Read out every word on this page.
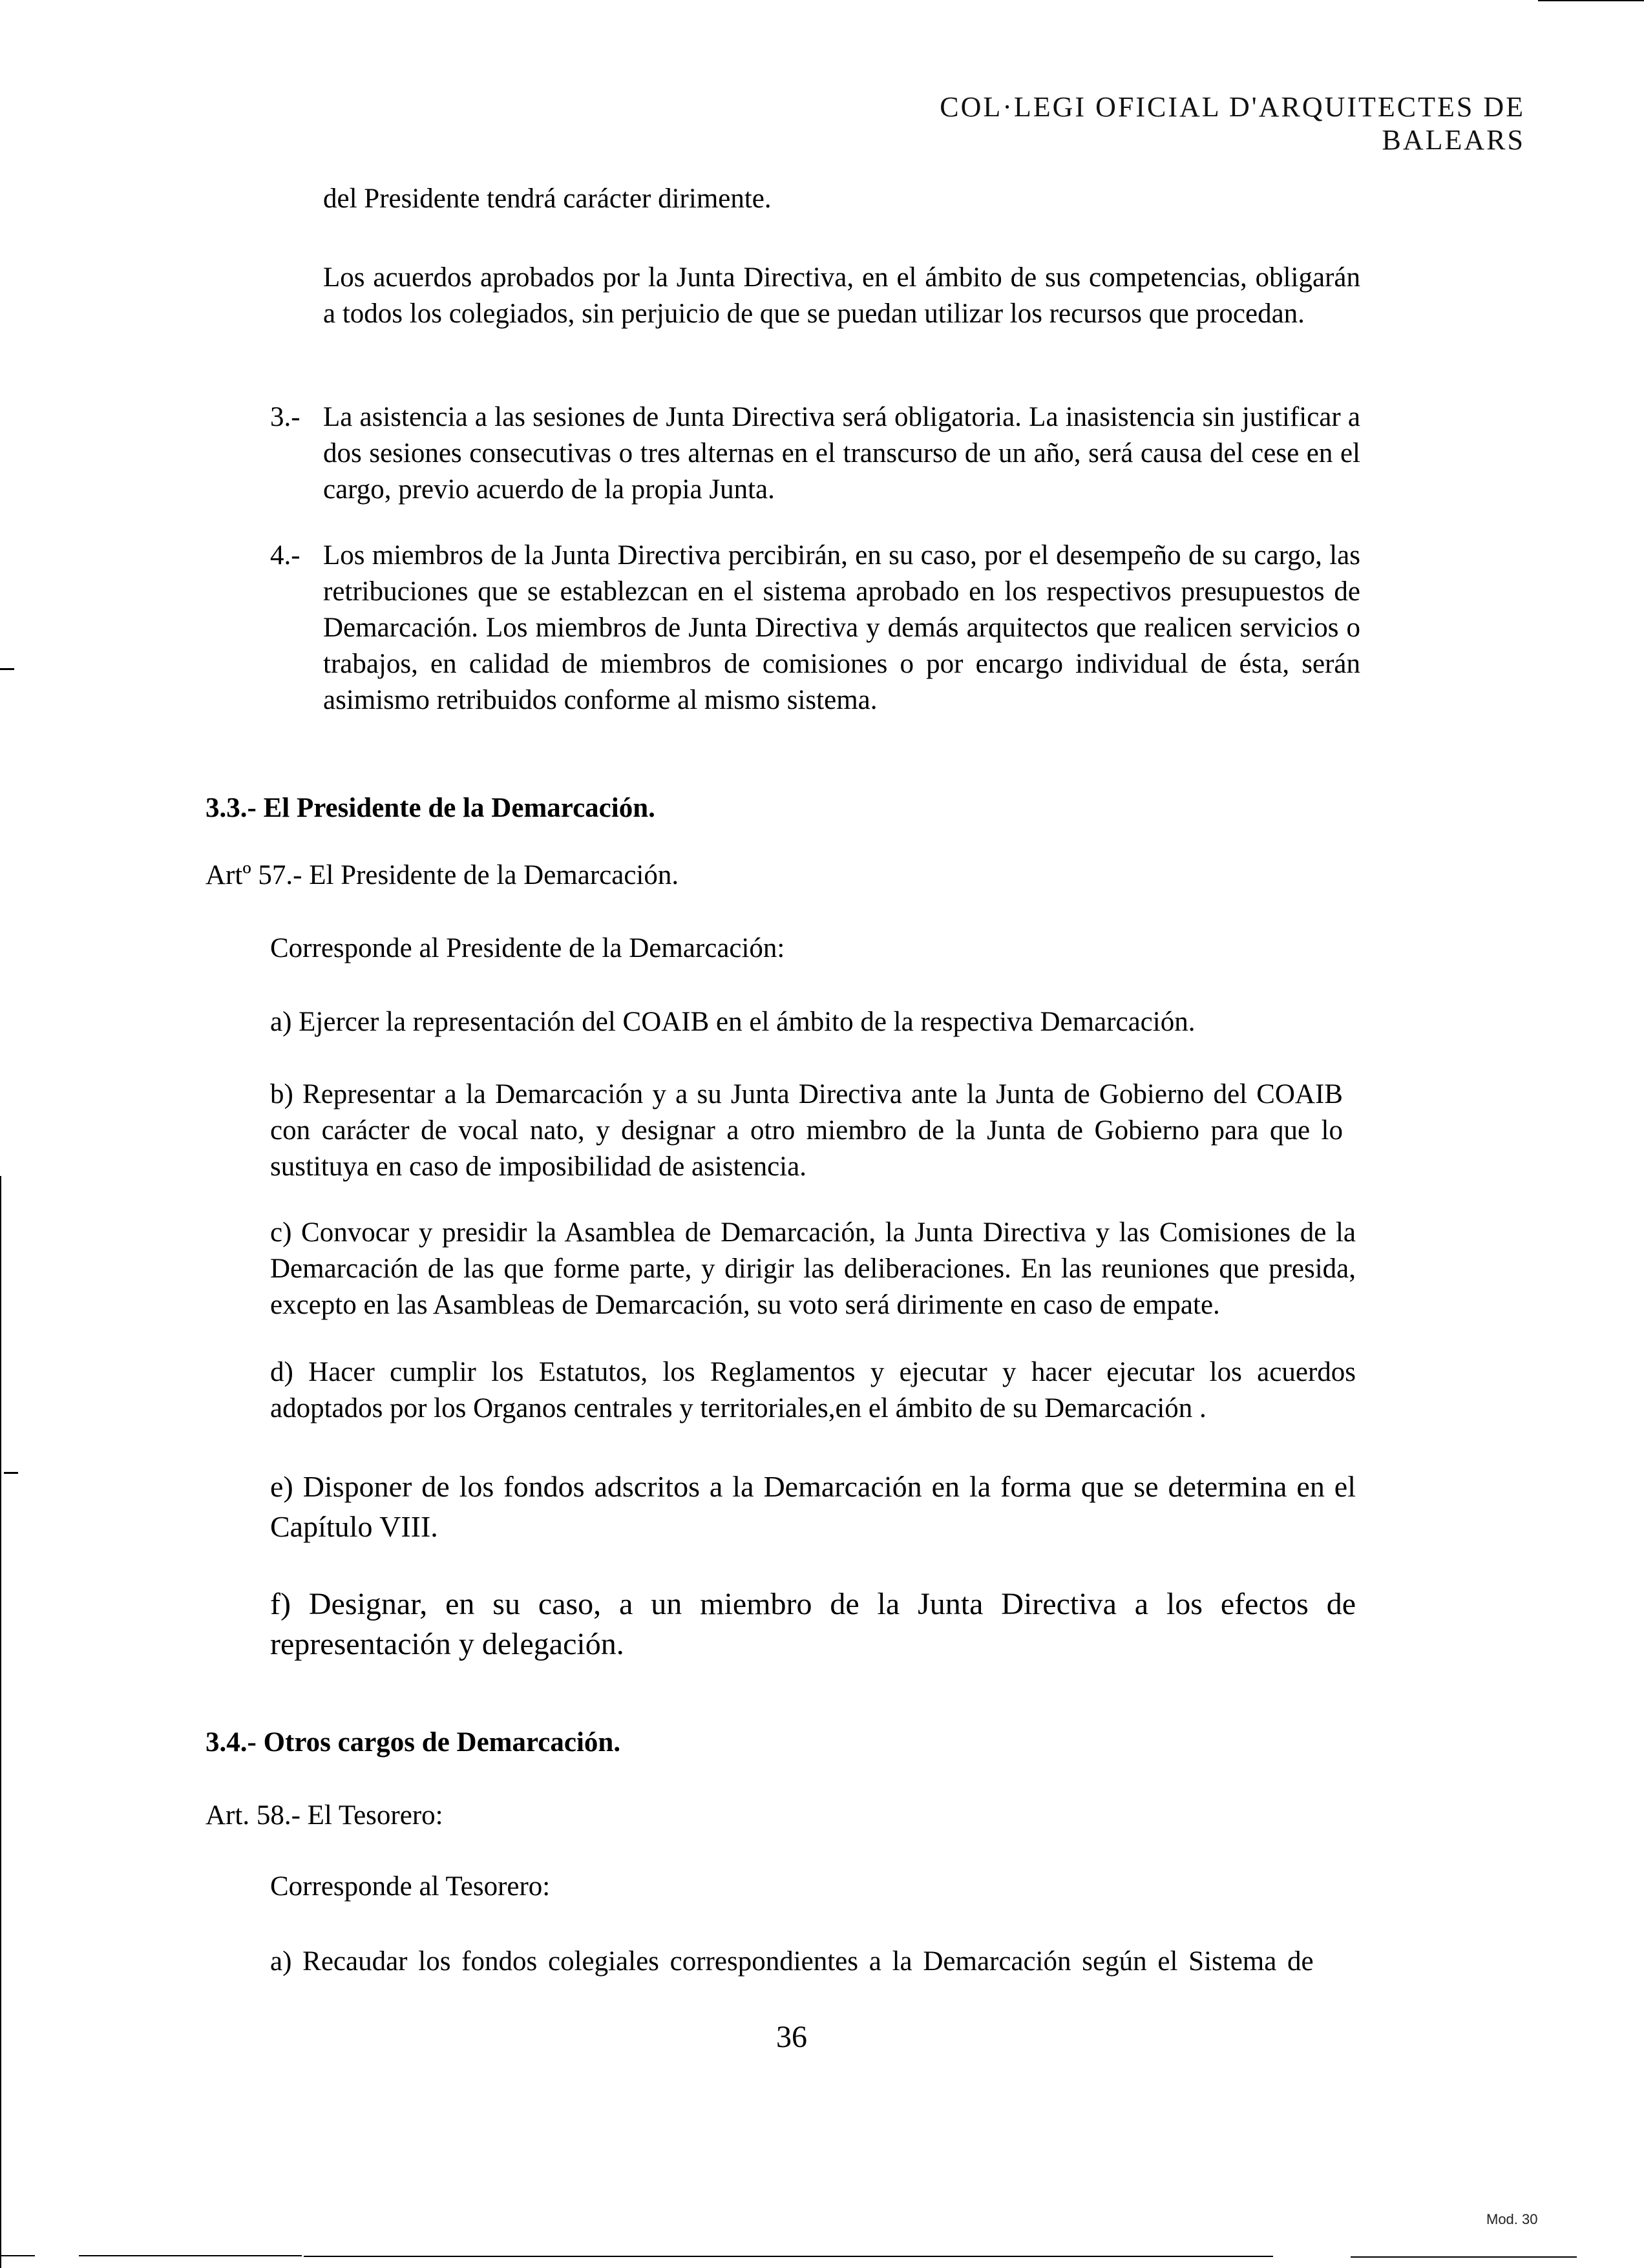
COL·LEGI OFICIAL D'ARQUITECTES DE BALEARS
del Presidente tendrá carácter dirimente.
Los acuerdos aprobados por la Junta Directiva, en el ámbito de sus competencias, obligarán a todos los colegiados, sin perjuicio de que se puedan utilizar los recursos que procedan.
3.- La asistencia a las sesiones de Junta Directiva será obligatoria. La inasistencia sin justificar a dos sesiones consecutivas o tres alternas en el transcurso de un año, será causa del cese en el cargo, previo acuerdo de la propia Junta.
4.- Los miembros de la Junta Directiva percibirán, en su caso, por el desempeño de su cargo, las retribuciones que se establezcan en el sistema aprobado en los respectivos presupuestos de Demarcación. Los miembros de Junta Directiva y demás arquitectos que realicen servicios o trabajos, en calidad de miembros de comisiones o por encargo individual de ésta, serán asimismo retribuidos conforme al mismo sistema.
3.3.- El Presidente de la Demarcación.
Artº 57.- El Presidente de la Demarcación.
Corresponde al Presidente de la Demarcación:
a) Ejercer la representación del COAIB en el ámbito de la respectiva Demarcación.
b) Representar a la Demarcación y a su Junta Directiva ante la Junta de Gobierno del COAIB con carácter de vocal nato, y designar a otro miembro de la Junta de Gobierno para que lo sustituya en caso de imposibilidad de asistencia.
c) Convocar y presidir la Asamblea de Demarcación, la Junta Directiva y las Comisiones de la Demarcación de las que forme parte, y dirigir las deliberaciones. En las reuniones que presida, excepto en las Asambleas de Demarcación, su voto será dirimente en caso de empate.
d) Hacer cumplir los Estatutos, los Reglamentos y ejecutar y hacer ejecutar los acuerdos adoptados por los Organos centrales y territoriales,en el ámbito de su Demarcación .
e) Disponer de los fondos adscritos a la Demarcación en la forma que se determina en el Capítulo VIII.
f) Designar, en su caso, a un miembro de la Junta Directiva a los efectos de representación y delegación.
3.4.- Otros cargos de Demarcación.
Art. 58.- El Tesorero:
Corresponde al Tesorero:
a) Recaudar los fondos colegiales correspondientes a la Demarcación según el Sistema de
36
Mod. 30
